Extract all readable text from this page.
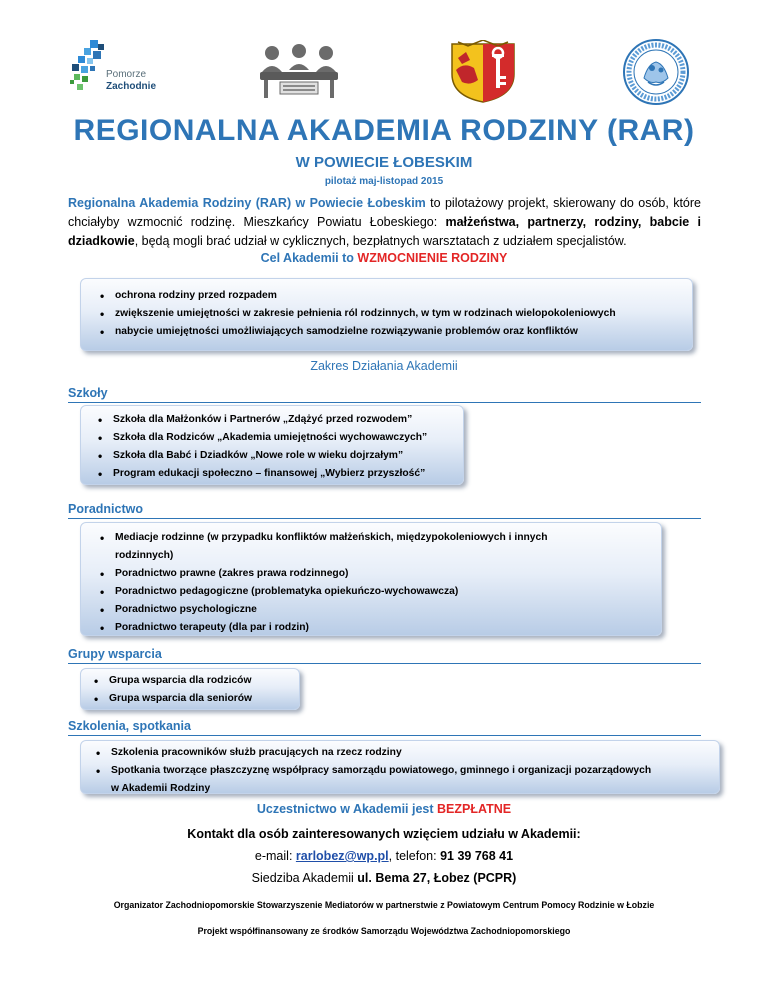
Pomorze
Zachodnie
REGIONALNA AKADEMIA RODZINY (RAR)
W POWIECIE ŁOBESKIM
pilotaż maj-listopad 2015

Regionalna Akademia Rodziny (RAR) w Powiecie Łobeskim to pilotażowy projekt, skierowany do osób, które chciałyby wzmocnić rodzinę. Mieszkańcy Powiatu Łobeskiego: małżeństwa, partnerzy, rodziny, babcie i dziadkowie, będą mogli brać udział w cyklicznych, bezpłatnych warsztatach z udziałem specjalistów.

Cel Akademii to WZMOCNIENIE RODZINY
• ochrona rodziny przed rozpadem
• zwiększenie umiejętności w zakresie pełnienia ról rodzinnych, w tym w rodzinach wielopokoleniowych
• nabycie umiejętności umożliwiających samodzielne rozwiązywanie problemów oraz konfliktów
Zakres Działania Akademii
Szkoły
• Szkoła dla Małżonków i Partnerów „Zdążyć przed rozwodem”
• Szkoła dla Rodziców „Akademia umiejętności wychowawczych”
• Szkoła dla Babć i Dziadków „Nowe role w wieku dojrzałym”
• Program edukacji społeczno – finansowej „Wybierz przyszłość”
Poradnictwo
• Mediacje rodzinne (w przypadku konfliktów małżeńskich, międzypokoleniowych i innych
rodzinnych)
• Poradnictwo prawne (zakres prawa rodzinnego)
• Poradnictwo pedagogiczne (problematyka opiekuńczo-wychowawcza)
• Poradnictwo psychologiczne
• Poradnictwo terapeuty (dla par i rodzin)
Grupy wsparcia
• Grupa wsparcia dla rodziców
• Grupa wsparcia dla seniorów
Szkolenia, spotkania
• Szkolenia pracowników służb pracujących na rzecz rodziny
• Spotkania tworzące płaszczyznę współpracy samorządu powiatowego, gminnego i organizacji pozarządowych
w Akademii Rodziny
Uczestnictwo w Akademii jest BEZPŁATNE
Kontakt dla osób zainteresowanych wzięciem udziału w Akademii:
e-mail: rarlobez@wp.pl, telefon: 91 39 768 41
Siedziba Akademii ul. Bema 27, Łobez (PCPR)
Organizator Zachodniopomorskie Stowarzyszenie Mediatorów w partnerstwie z Powiatowym Centrum Pomocy Rodzinie w Łobzie
Projekt współfinansowany ze środków Samorządu Województwa Zachodniopomorskiego
